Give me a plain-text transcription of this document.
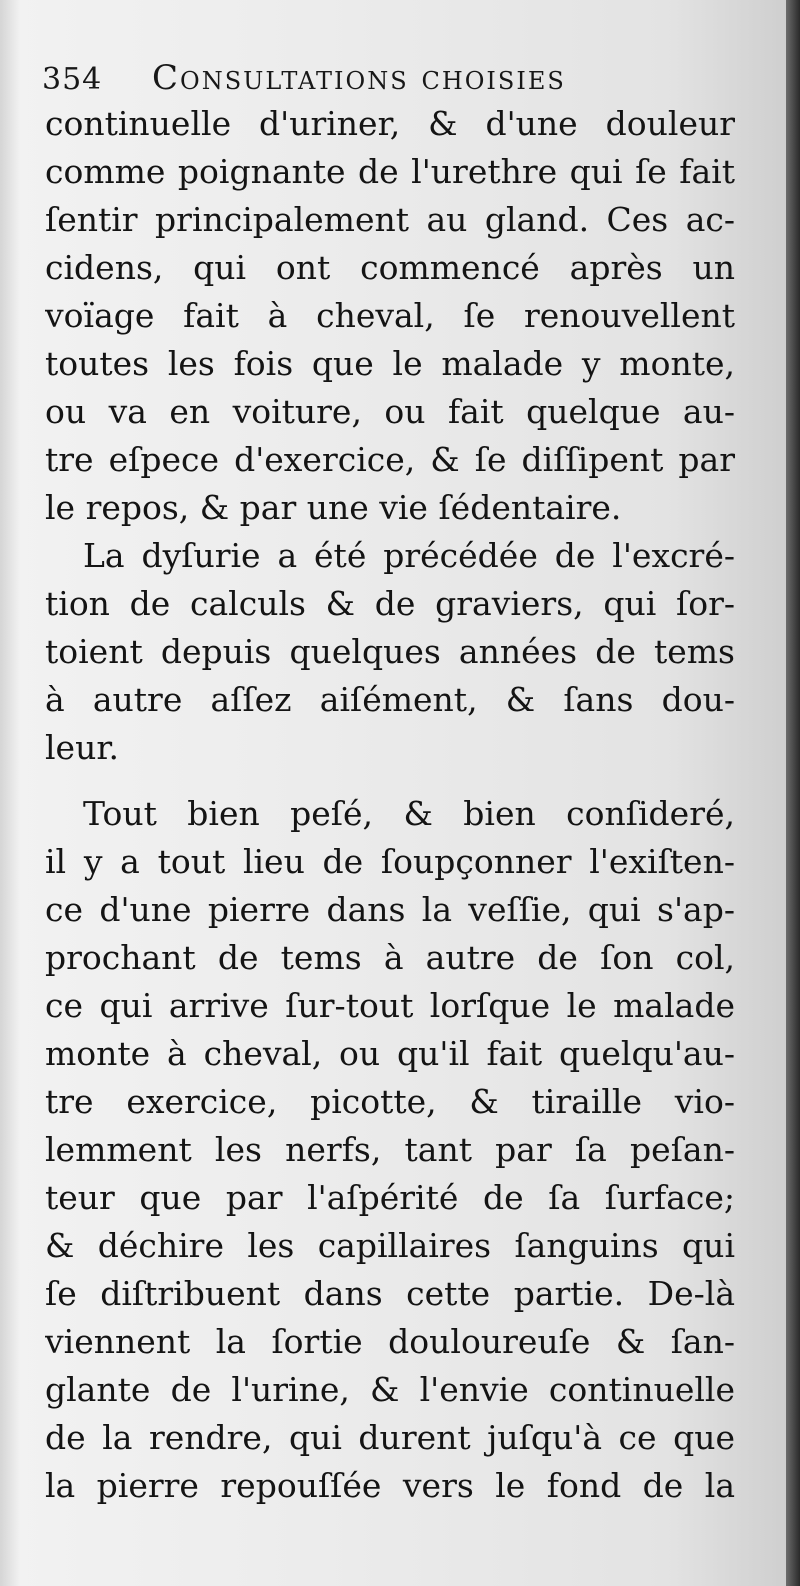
354 Consultations choisies
continuelle d'uriner, & d'une douleur
comme poignante de l'urethre qui ſe fait
ſentir principalement au gland. Ces ac-
cidens, qui ont commencé après un
voïage fait à cheval, ſe renouvellent
toutes les fois que le malade y monte,
ou va en voiture, ou fait quelque au-
tre eſpece d'exercice, & ſe diſſipent par
le repos, & par une vie ſédentaire.
La dyſurie a été précédée de l'excré-
tion de calculs & de graviers, qui ſor-
toient depuis quelques années de tems
à autre aſſez aiſément, & ſans dou-
leur.
Tout bien peſé, & bien conſideré,
il y a tout lieu de ſoupçonner l'exiſten-
ce d'une pierre dans la veſſie, qui s'ap-
prochant de tems à autre de ſon col,
ce qui arrive ſur-tout lorſque le malade
monte à cheval, ou qu'il fait quelqu'au-
tre exercice, picotte, & tiraille vio-
lemment les nerfs, tant par ſa peſan-
teur que par l'aſpérité de ſa ſurface;
& déchire les capillaires ſanguins qui
ſe diſtribuent dans cette partie. De-là
viennent la ſortie douloureuſe & ſan-
glante de l'urine, & l'envie continuelle
de la rendre, qui durent juſqu'à ce que
la pierre repouſſée vers le fond de la
